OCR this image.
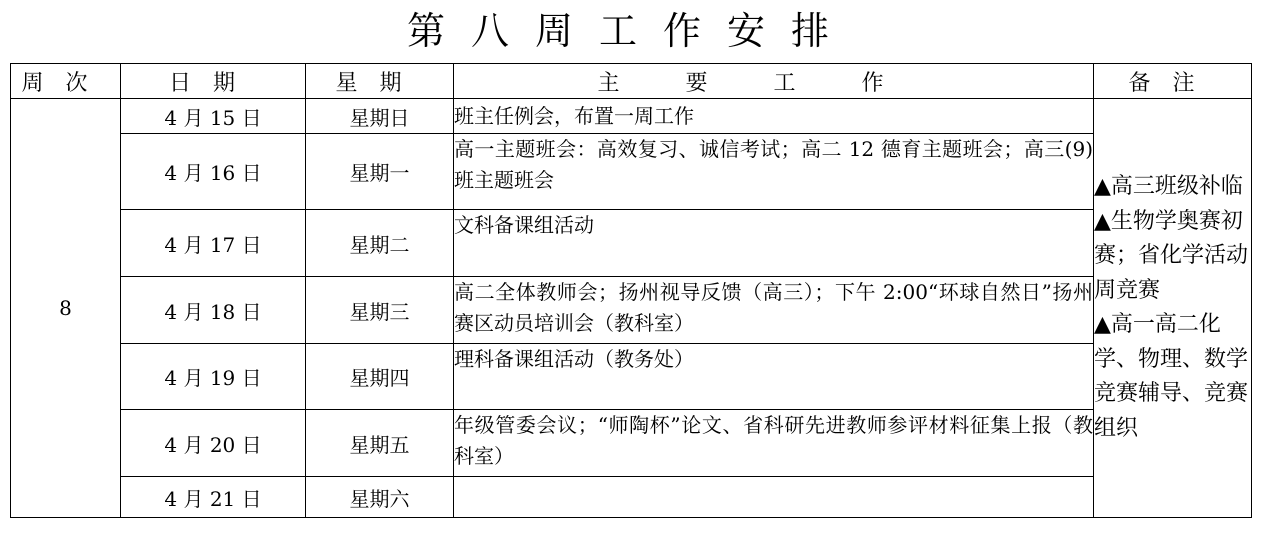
第八周工作安排
周次	日期	星期	主要工作	备注
8	4 月 15 日	星期日	班主任例会，布置一周工作	▲高三班级补临
▲生物学奥赛初赛；省化学活动周竞赛
▲高一高二化学、物理、数学竞赛辅导、竞赛组织

	4 月 16 日	星期一	高一主题班会：高效复习、诚信考试；高二 12 德育主题班会；高三(9)班主题班会	
	4 月 17 日	星期二	文科备课组活动	
	4 月 18 日	星期三	高二全体教师会；扬州视导反馈（高三）；下午 2:00“环球自然日”扬州赛区动员培训会（教科室）	
	4 月 19 日	星期四	理科备课组活动（教务处）	
	4 月 20 日	星期五	年级管委会议；“师陶杯”论文、省科研先进教师参评材料征集上报（教科室）	
	4 月 21 日	星期六		
